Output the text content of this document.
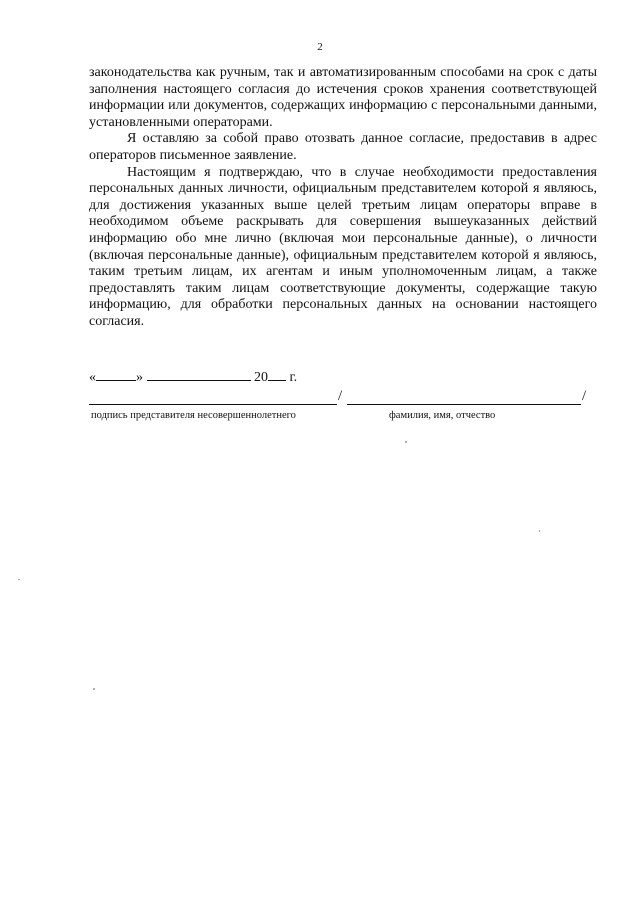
2

законодательства как ручным, так и автоматизированным способами на срок с даты заполнения настоящего согласия до истечения сроков хранения соответствующей информации или документов, содержащих информацию с персональными данными, установленными операторами.

Я оставляю за собой право отозвать данное согласие, предоставив в адрес операторов письменное заявление.

Настоящим я подтверждаю, что в случае необходимости предоставления персональных данных личности, официальным представителем которой я являюсь, для достижения указанных выше целей третьим лицам операторы вправе в необходимом объеме раскрывать для совершения вышеуказанных действий информацию обо мне лично (включая мои персональные данные), о личности (включая персональные данные), официальным представителем которой я являюсь, таким третьим лицам, их агентам и иным уполномоченным лицам, а также предоставлять таким лицам соответствующие документы, содержащие такую информацию, для обработки персональных данных на основании настоящего согласия.

«	»	20 г.
/	/
подпись представителя несовершеннолетнего	фамилия, имя, отчество
